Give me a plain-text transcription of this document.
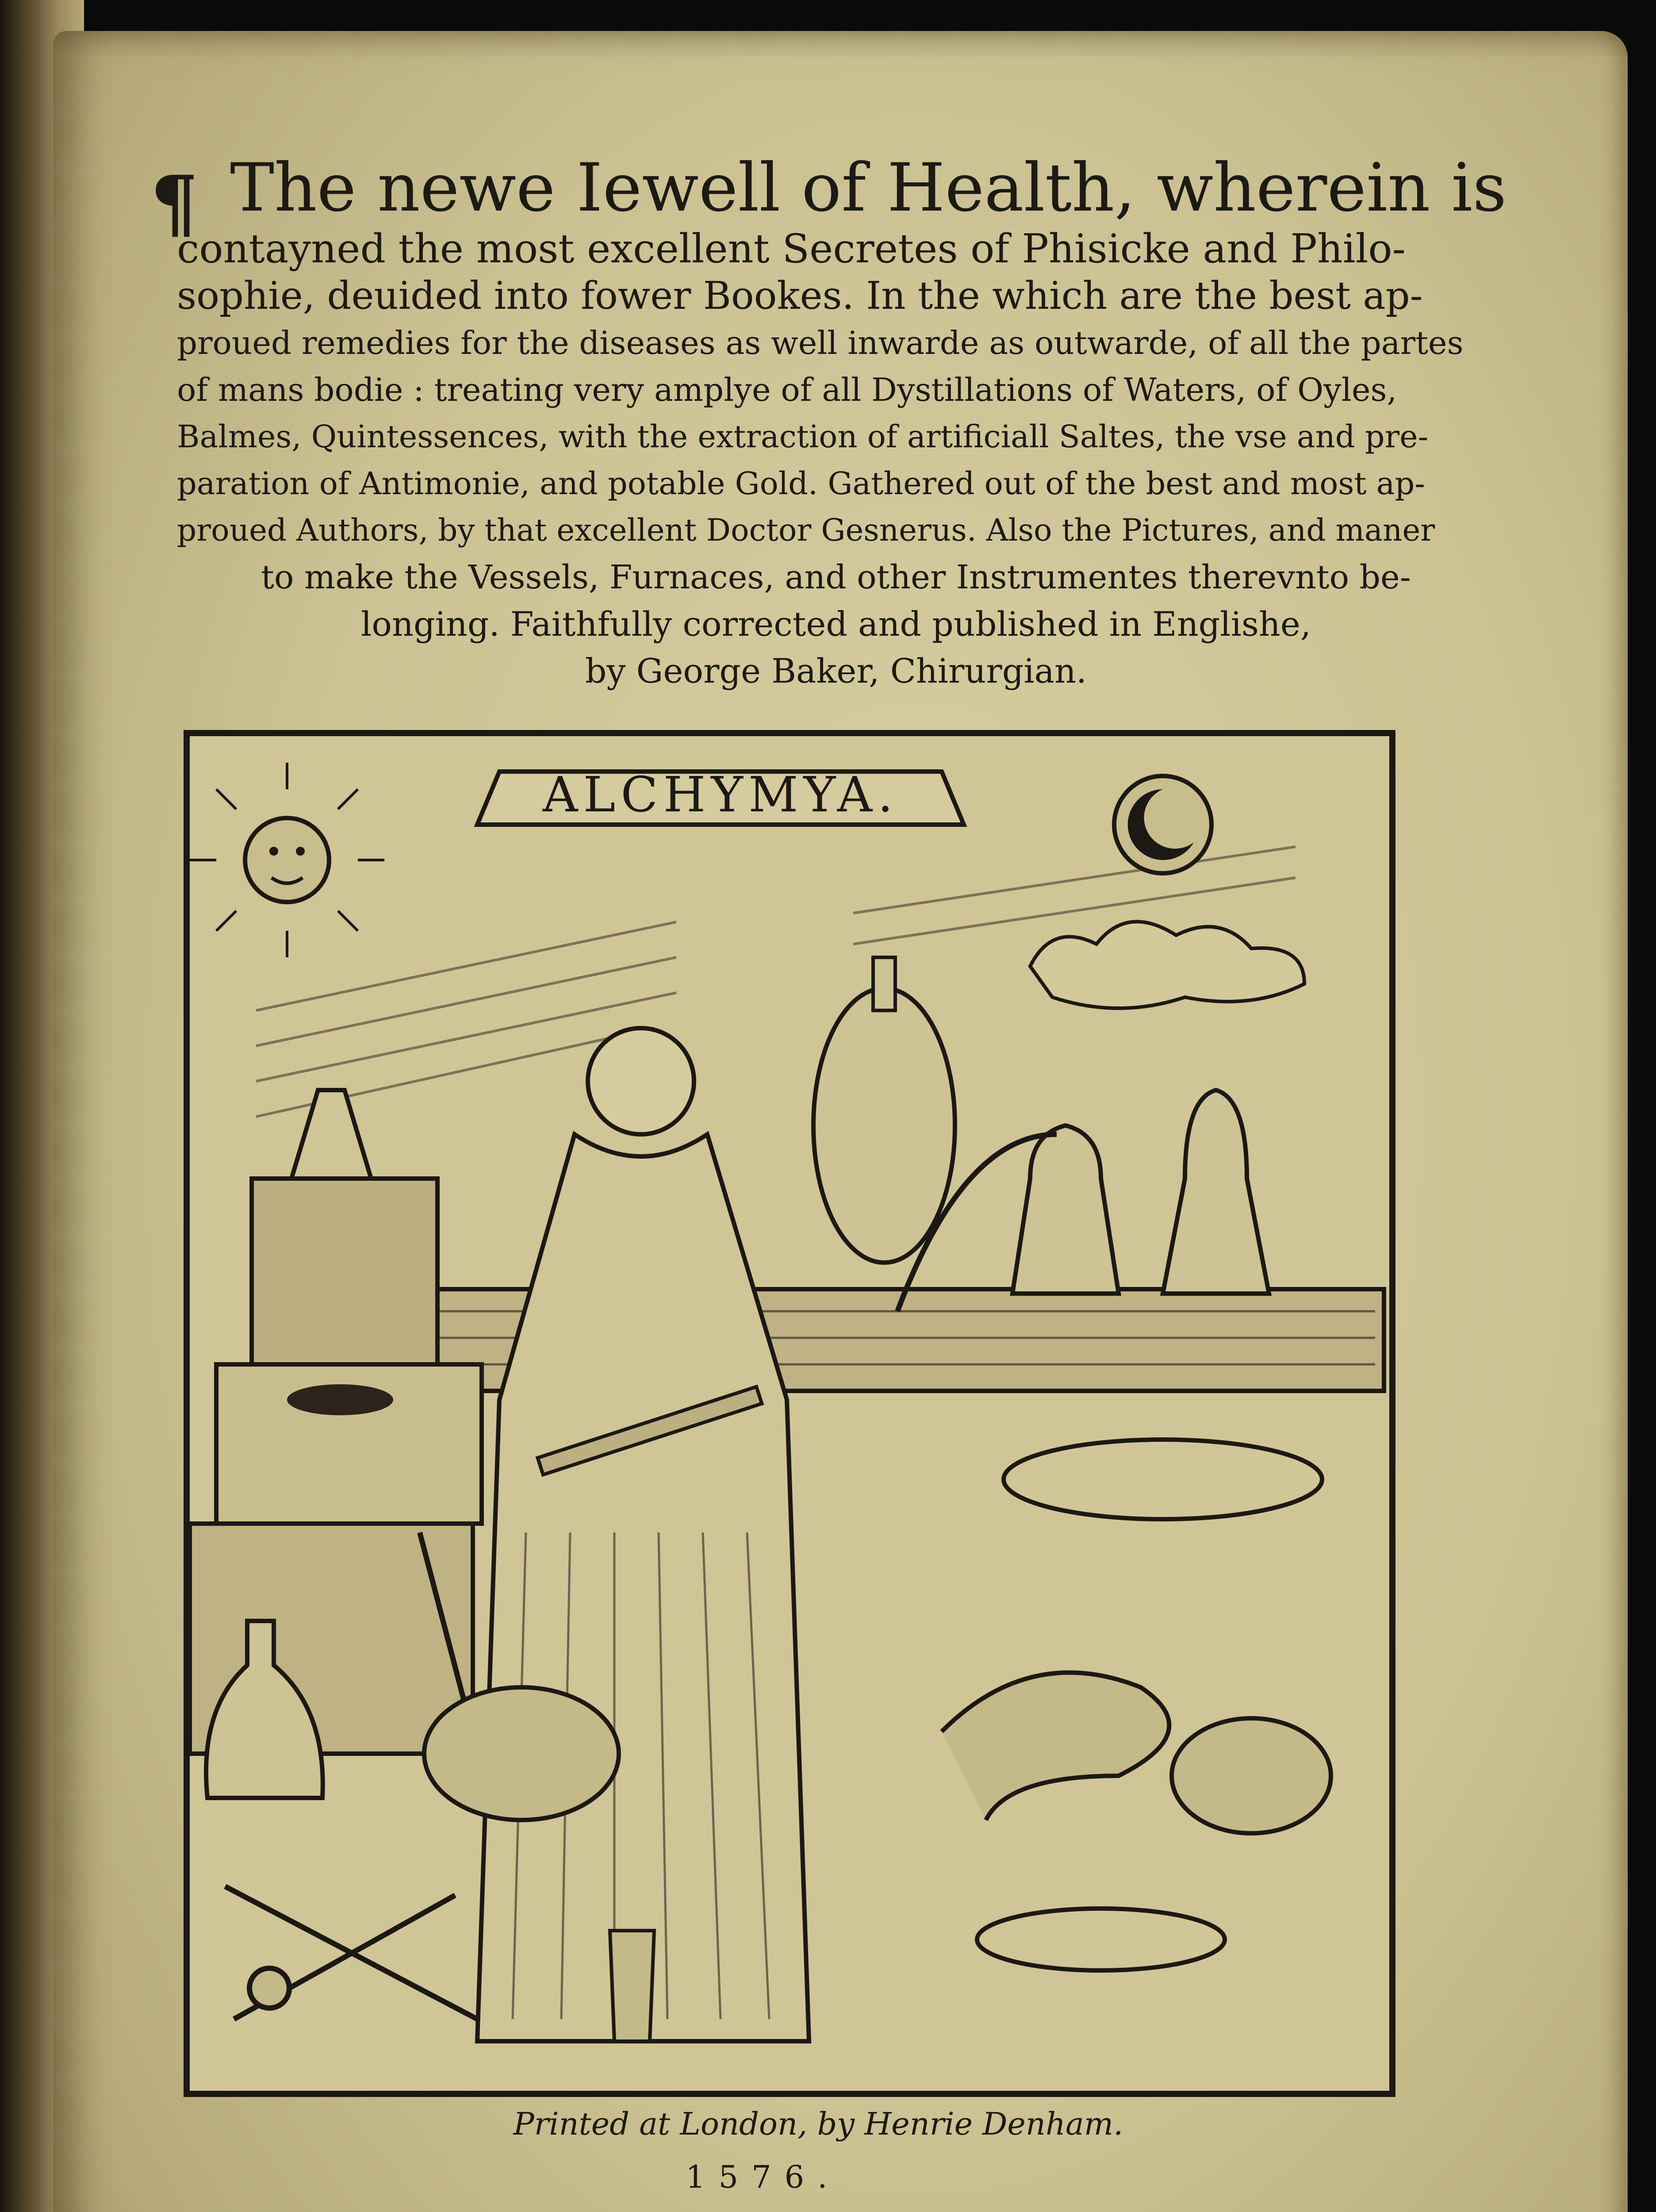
¶ The newe Iewell of Health, wherein is
contayned the most excellent Secretes of Phisicke and Philo-
sophie, deuided into fower Bookes. In the which are the best ap-
proued remedies for the diseases as well inwarde as outwarde, of all the partes
of mans bodie : treating very amplye of all Dystillations of Waters, of Oyles,
Balmes, Quintessences, with the extraction of artificiall Saltes, the vse and pre-
paration of Antimonie, and potable Gold. Gathered out of the best and most ap-
proued Authors, by that excellent Doctor Gesnerus. Also the Pictures, and maner
to make the Vessels, Furnaces, and other Instrumentes therevnto be-
longing. Faithfully corrected and published in Englishe,
by George Baker, Chirurgian.
ALCHYMYA.
Printed at London, by Henrie Denham.
1576.
